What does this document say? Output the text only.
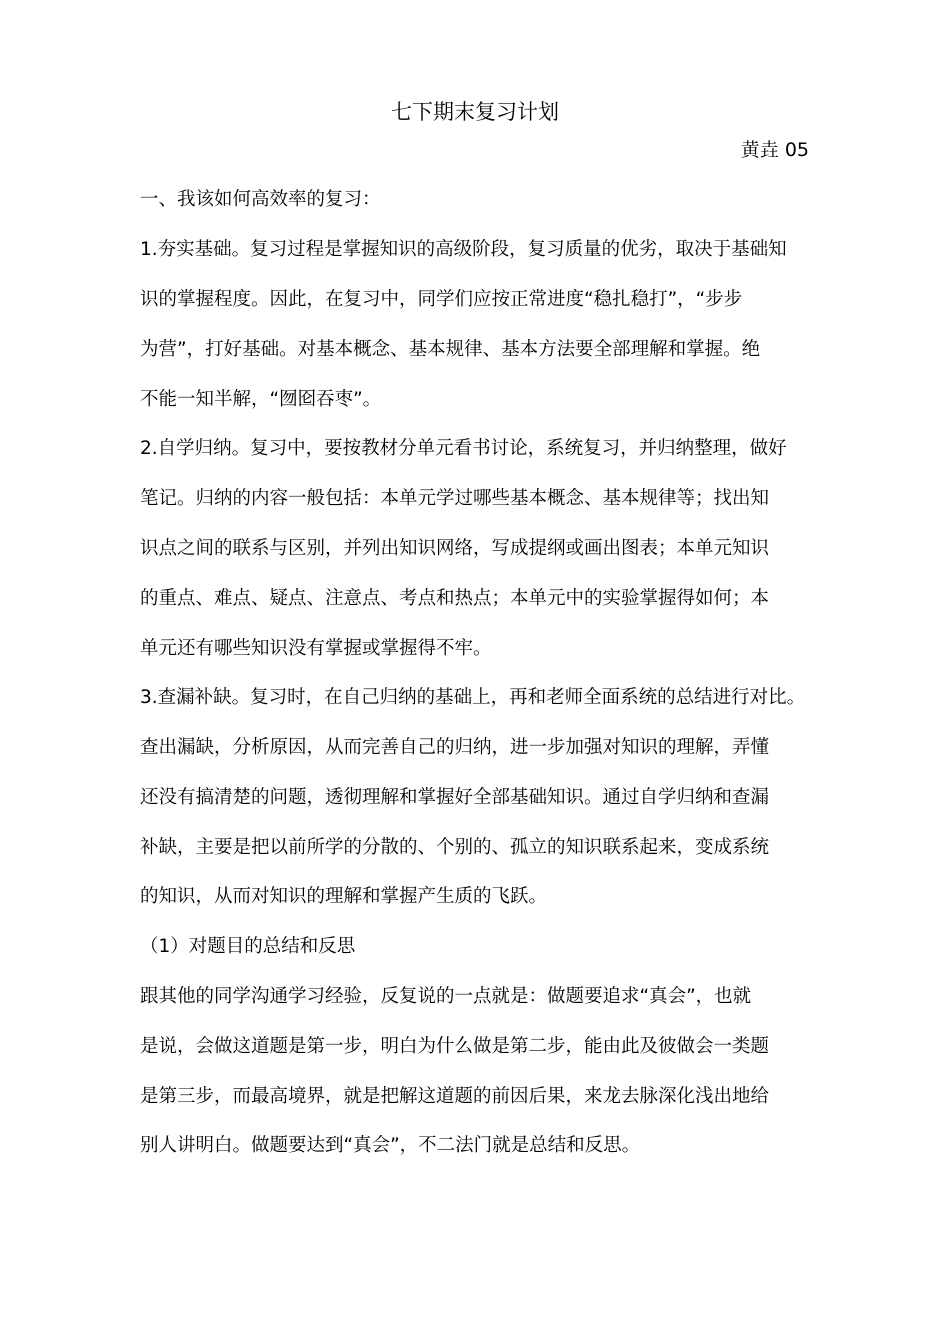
七下期末复习计划

黄垚 05

一、我该如何高效率的复习：

1.夯实基础。复习过程是掌握知识的高级阶段，复习质量的优劣，取决于基础知

识的掌握程度。因此，在复习中，同学们应按正常进度“稳扎稳打”，“步步

为营”，打好基础。对基本概念、基本规律、基本方法要全部理解和掌握。绝

不能一知半解，“囫囵吞枣”。

2.自学归纳。复习中，要按教材分单元看书讨论，系统复习，并归纳整理，做好

笔记。归纳的内容一般包括：本单元学过哪些基本概念、基本规律等；找出知

识点之间的联系与区别，并列出知识网络，写成提纲或画出图表；本单元知识

的重点、难点、疑点、注意点、考点和热点；本单元中的实验掌握得如何；本

单元还有哪些知识没有掌握或掌握得不牢。

3.查漏补缺。复习时，在自己归纳的基础上，再和老师全面系统的总结进行对比。

查出漏缺，分析原因，从而完善自己的归纳，进一步加强对知识的理解，弄懂

还没有搞清楚的问题，透彻理解和掌握好全部基础知识。通过自学归纳和查漏

补缺，主要是把以前所学的分散的、个别的、孤立的知识联系起来，变成系统

的知识，从而对知识的理解和掌握产生质的飞跃。

（1）对题目的总结和反思

跟其他的同学沟通学习经验，反复说的一点就是：做题要追求“真会”，也就

是说，会做这道题是第一步，明白为什么做是第二步，能由此及彼做会一类题

是第三步，而最高境界，就是把解这道题的前因后果，来龙去脉深化浅出地给

别人讲明白。做题要达到“真会”，不二法门就是总结和反思。
